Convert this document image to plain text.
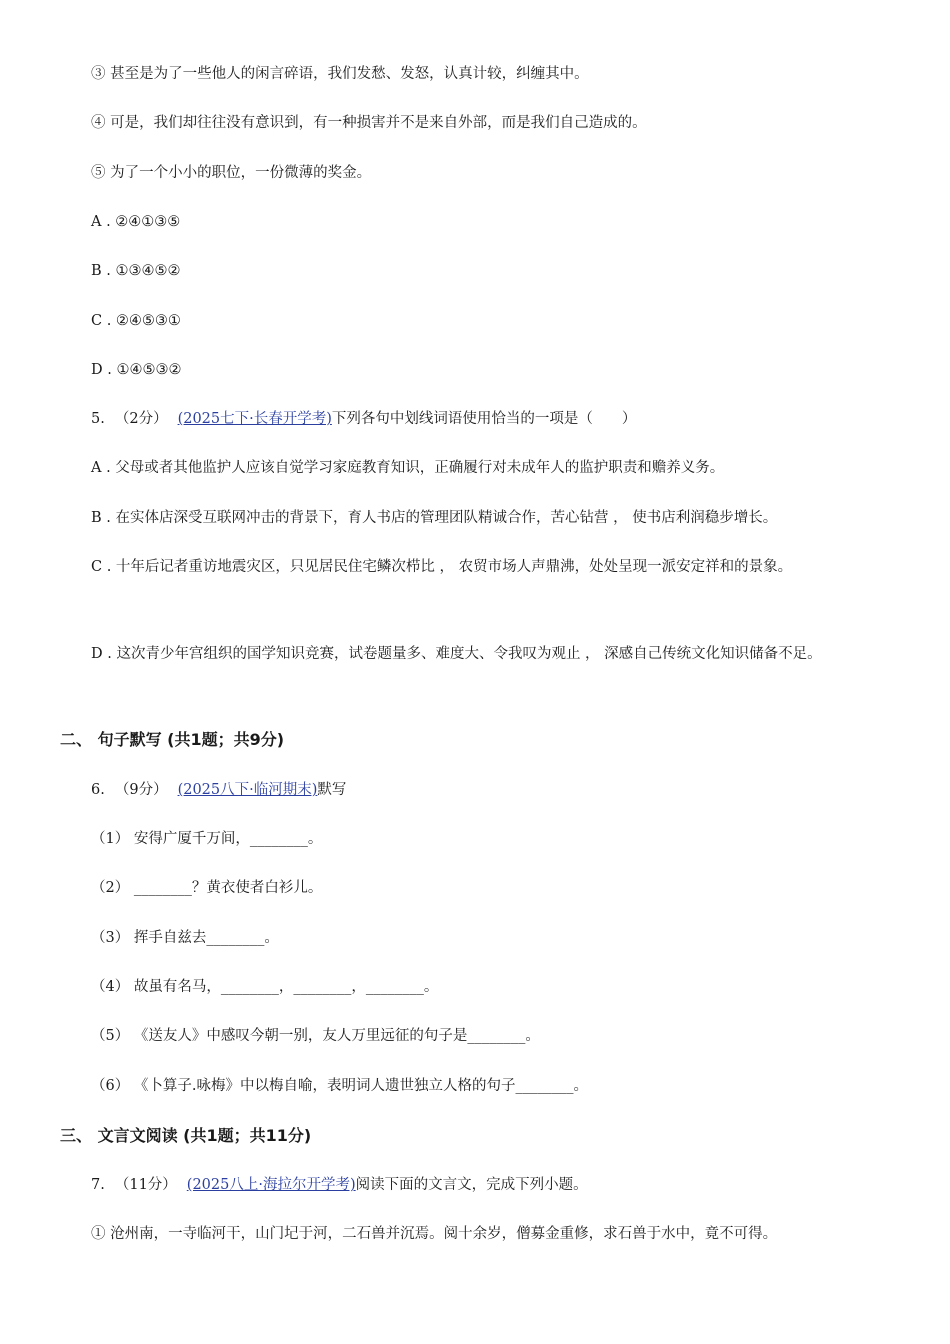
③ 甚至是为了一些他人的闲言碎语，我们发愁、发怒，认真计较，纠缠其中。
④ 可是，我们却往往没有意识到，有一种损害并不是来自外部，而是我们自己造成的。
⑤ 为了一个小小的职位，一份微薄的奖金。
A . ②④①③⑤
B . ①③④⑤②
C . ②④⑤③①
D . ①④⑤③②
5. （2分） (2025七下·长春开学考)下列各句中划线词语使用恰当的一项是（　　）
A . 父母或者其他监护人应该自觉学习家庭教育知识，正确履行对未成年人的监护职责和赡养义务。
B . 在实体店深受互联网冲击的背景下，育人书店的管理团队精诚合作，苦心钻营 ， 使书店利润稳步增长。
C . 十年后记者重访地震灾区，只见居民住宅鳞次栉比 ， 农贸市场人声鼎沸，处处呈现一派安定祥和的景象。
D . 这次青少年宫组织的国学知识竞赛，试卷题量多、难度大、令我叹为观止 ， 深感自己传统文化知识储备不足。
二、 句子默写 (共1题；共9分)
6. （9分） (2025八下·临河期末)默写
（1） 安得广厦千万间，________。
（2） ________？黄衣使者白衫儿。
（3） 挥手自兹去________。
（4） 故虽有名马，________，________，________。
（5） 《送友人》中感叹今朝一别，友人万里远征的句子是________。
（6） 《卜算子.咏梅》中以梅自喻，表明词人遗世独立人格的句子________。
三、 文言文阅读 (共1题；共11分)
7. （11分） (2025八上·海拉尔开学考)阅读下面的文言文，完成下列小题。
① 沧州南，一寺临河干，山门圮于河，二石兽并沉焉。阅十余岁，僧募金重修，求石兽于水中，竟不可得。
